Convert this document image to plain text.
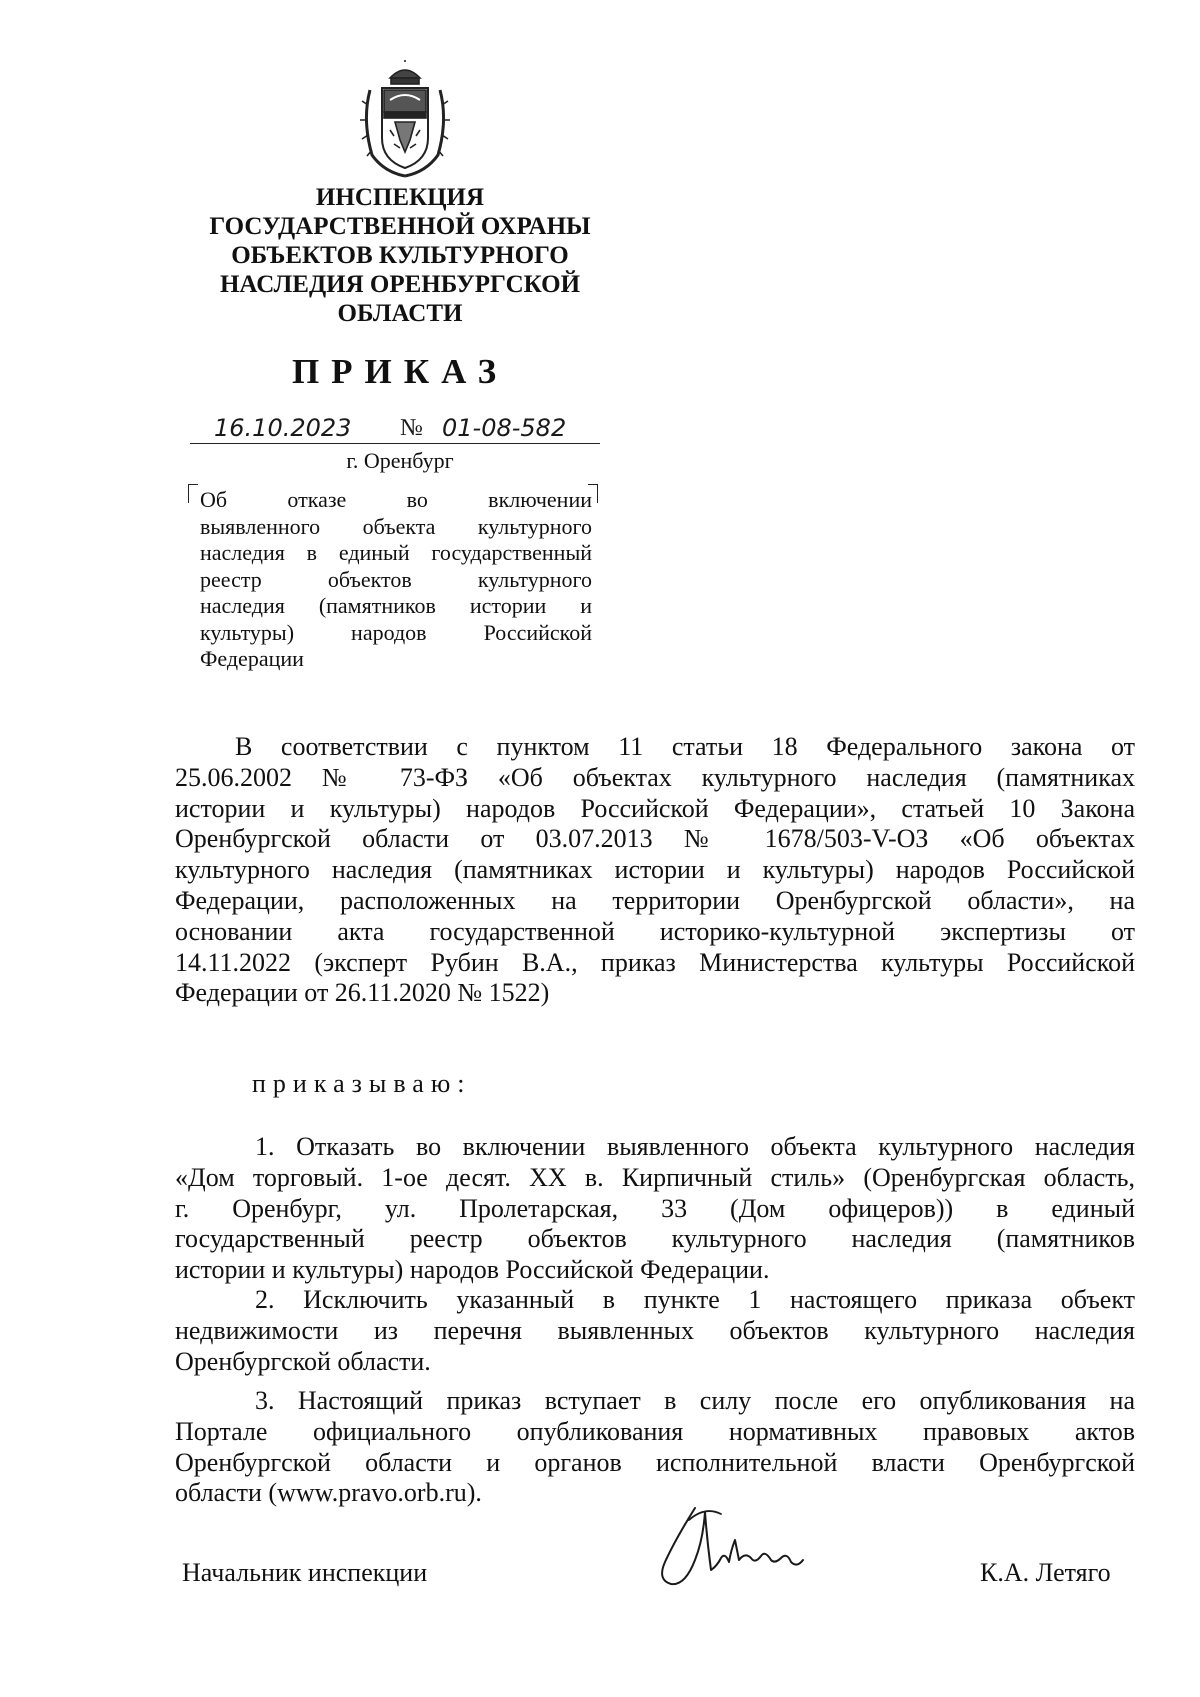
ИНСПЕКЦИЯ
ГОСУДАРСТВЕННОЙ ОХРАНЫ
ОБЪЕКТОВ КУЛЬТУРНОГО
НАСЛЕДИЯ ОРЕНБУРГСКОЙ
ОБЛАСТИ
ПРИКАЗ
16.10.2023 № 01-08-582
г. Оренбург
Об отказе во включении
выявленного объекта культурного
наследия в единый государственный
реестр объектов культурного
наследия (памятников истории и
культуры) народов Российской
Федерации
В соответствии с пунктом 11 статьи 18 Федерального закона от
25.06.2002 № 73-ФЗ «Об объектах культурного наследия (памятниках
истории и культуры) народов Российской Федерации», статьей 10 Закона
Оренбургской области от 03.07.2013 № 1678/503-V-ОЗ «Об объектах
культурного наследия (памятниках истории и культуры) народов Российской
Федерации, расположенных на территории Оренбургской области», на
основании акта государственной историко-культурной экспертизы от
14.11.2022 (эксперт Рубин В.А., приказ Министерства культуры Российской
Федерации от 26.11.2020 № 1522)
приказываю:
1. Отказать во включении выявленного объекта культурного наследия
«Дом торговый. 1-ое десят. ХХ в. Кирпичный стиль» (Оренбургская область,
г. Оренбург, ул. Пролетарская, 33 (Дом офицеров)) в единый
государственный реестр объектов культурного наследия (памятников
истории и культуры) народов Российской Федерации.
2. Исключить указанный в пункте 1 настоящего приказа объект
недвижимости из перечня выявленных объектов культурного наследия
Оренбургской области.
3. Настоящий приказ вступает в силу после его опубликования на
Портале официального опубликования нормативных правовых актов
Оренбургской области и органов исполнительной власти Оренбургской
области (www.pravo.orb.ru).
Начальник инспекции	К.А. Летяго
